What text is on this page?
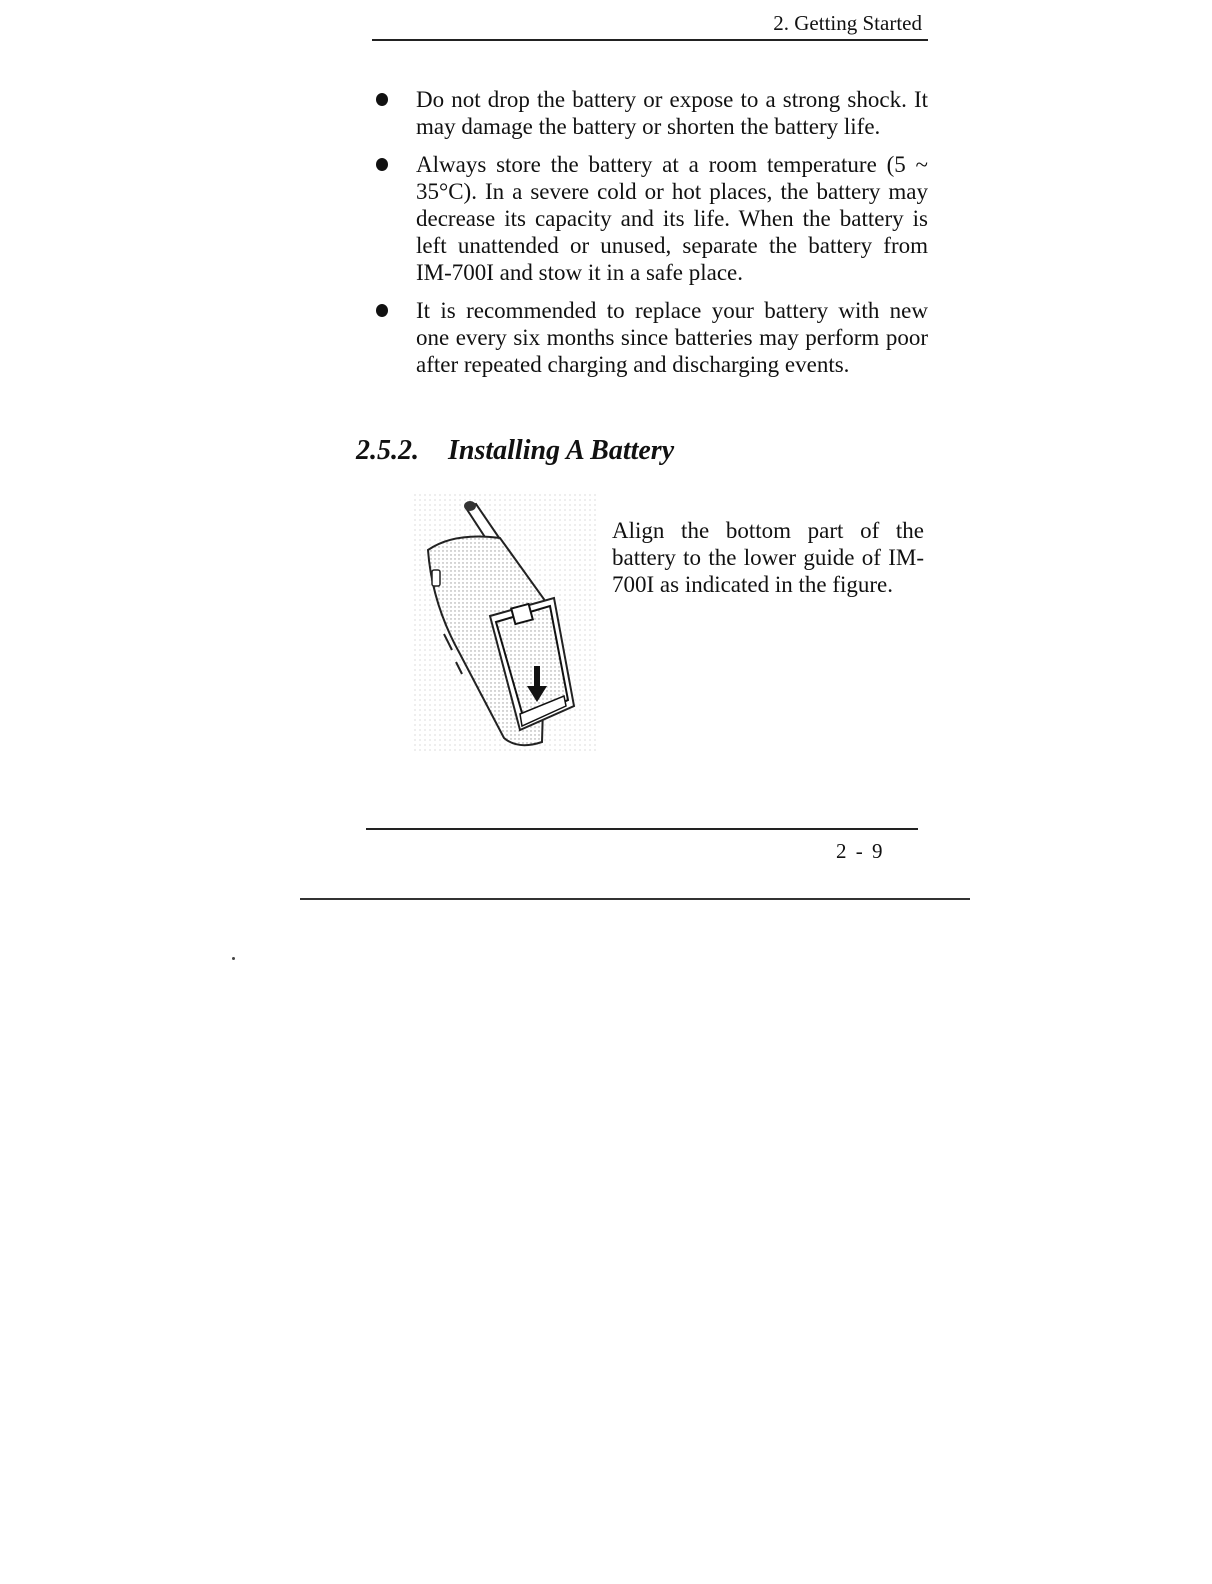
2. Getting Started
Do not drop the battery or expose to a strong shock. It may damage the battery or shorten the battery life.
Always store the battery at a room temperature (5 ~ 35°C). In a severe cold or hot places, the battery may decrease its capacity and its life. When the battery is left unattended or unused, separate the battery from IM-700I and stow it in a safe place.
It is recommended to replace your battery with new one every six months since batteries may perform poor after repeated charging and discharging events.
2.5.2. Installing A Battery

Align the bottom part of the battery to the lower guide of IM-700I as indicated in the figure.

2 - 9
